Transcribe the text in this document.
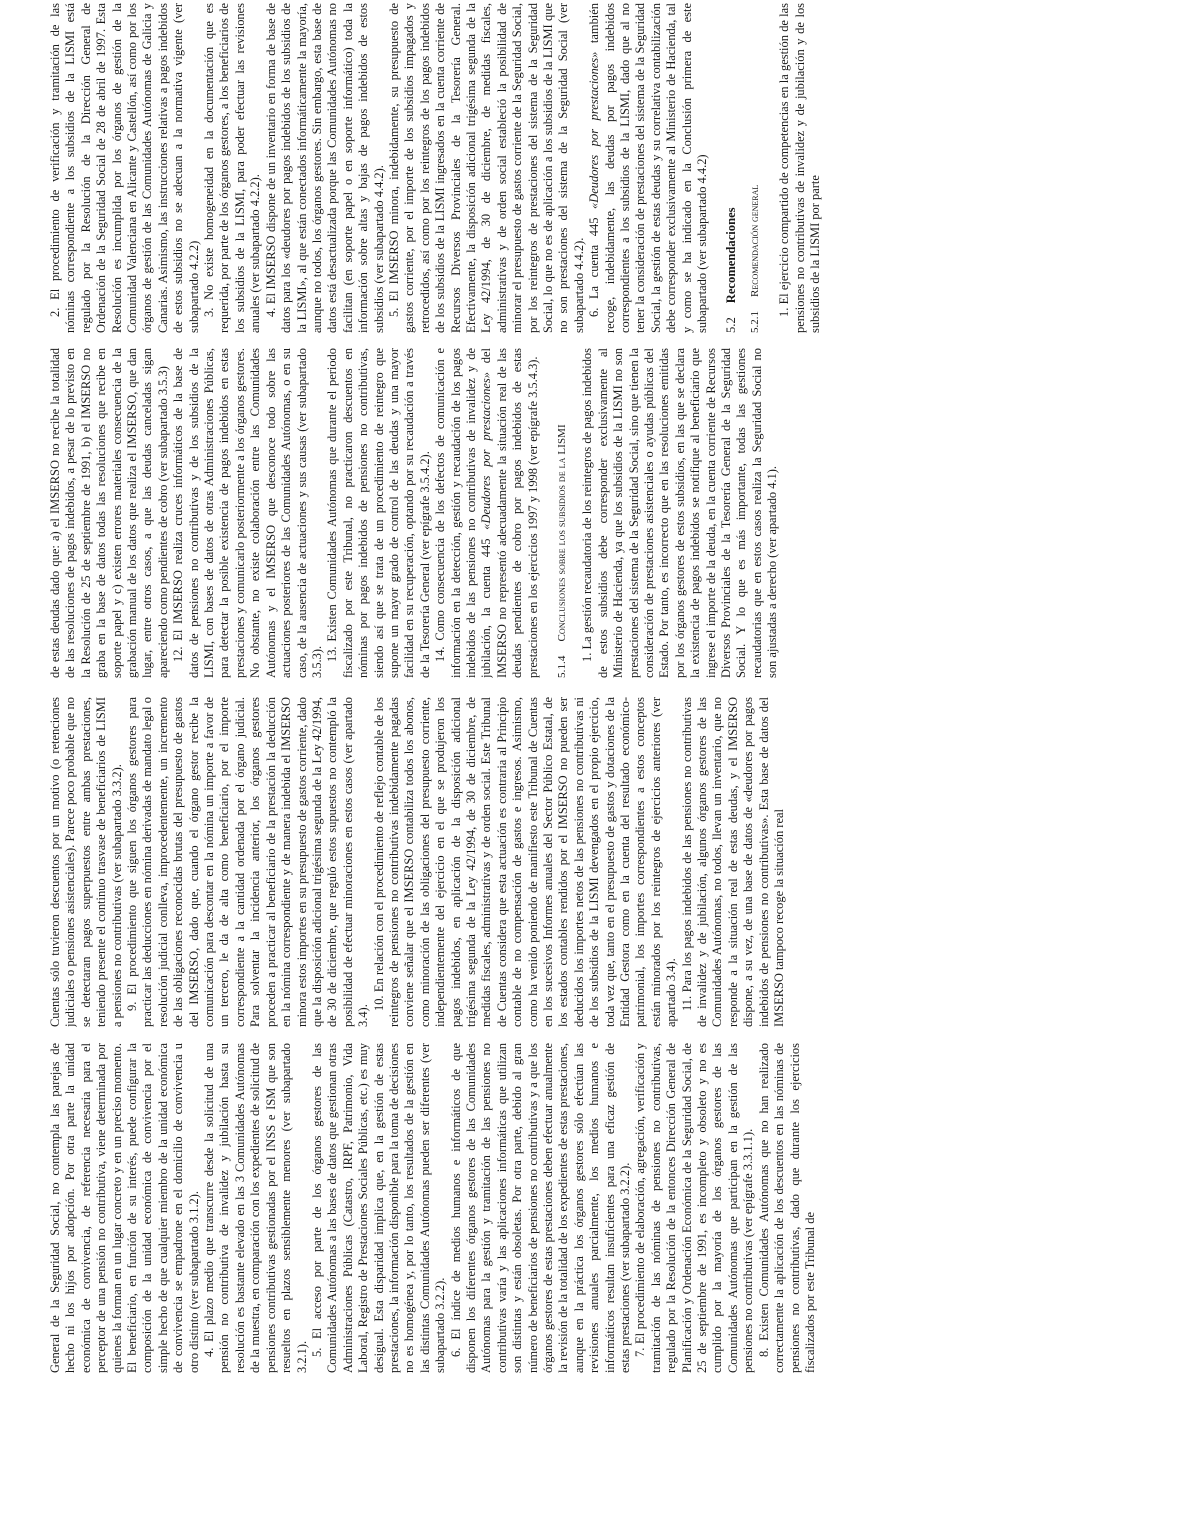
General de la Seguridad Social, no contempla las parejas de hecho ni los hijos por adopción. Por otra parte la unidad económica de convivencia, de referencia necesaria para el perceptor de una pensión no contributiva, viene determinada por quienes la forman en un lugar concreto y en un preciso momento. El beneficiario, en función de su interés, puede configurar la composición de la unidad económica de convivencia por el simple hecho de que cualquier miembro de la unidad económica de convivencia se empadrone en el domicilio de convivencia u otro distinto (ver subapartado 3.1.2). 4. El plazo medio que transcurre desde la solicitud de una pensión no contributiva de invalidez y jubilación hasta su resolución es bastante elevado en las 3 Comunidades Autónomas de la muestra, en comparación con los expedientes de solicitud de pensiones contributivas gestionadas por el INSS e ISM que son resueltos en plazos sensiblemente menores (ver subapartado 3.2.1). 5. El acceso por parte de los órganos gestores de las Comunidades Autónomas a las bases de datos que gestionan otras Administraciones Públicas (Catastro, IRPF, Patrimonio, Vida Laboral, Registro de Prestaciones Sociales Públicas, etc.) es muy desigual. Esta disparidad implica que, en la gestión de estas prestaciones, la información disponible para la toma de decisiones no es homogénea y, por lo tanto, los resultados de la gestión en las distintas Comunidades Autónomas pueden ser diferentes (ver subapartado 3.2.2). 6. El índice de medios humanos e informáticos de que disponen los diferentes órganos gestores de las Comunidades Autónomas para la gestión y tramitación de las pensiones no contributivas varía y las aplicaciones informáticas que utilizan son distintas y están obsoletas. Por otra parte, debido al gran número de beneficiarios de pensiones no contributivas y a que los órganos gestores de estas prestaciones deben efectuar anualmente la revisión de la totalidad de los expedientes de estas prestaciones, aunque en la práctica los órganos gestores sólo efectúan las revisiones anuales parcialmente, los medios humanos e informáticos resultan insuficientes para una eficaz gestión de estas prestaciones (ver subapartado 3.2.2). 7. El procedimiento de elaboración, agregación, verificación y tramitación de las nóminas de pensiones no contributivas, regulado por la Resolución de la entonces Dirección General de Planificación y Ordenación Económica de la Seguridad Social, de 25 de septiembre de 1991, es incompleto y obsoleto y no es cumplido por la mayoría de los órganos gestores de las Comunidades Autónomas que participan en la gestión de las pensiones no contributivas (ver epígrafe 3.3.1.1). 8. Existen Comunidades Autónomas que no han realizado correctamente la aplicación de los descuentos en las nóminas de pensiones no contributivas, dado que durante los ejercicios fiscalizados por este Tribunal de

Cuentas sólo tuvieron descuentos por un motivo (o retenciones judiciales o pensiones asistenciales). Parece poco probable que no se detectaran pagos superpuestos entre ambas prestaciones, teniendo presente el continuo trasvase de beneficiarios de LISMI a pensiones no contributivas (ver subapartado 3.3.2). 9. El procedimiento que siguen los órganos gestores para practicar las deducciones en nómina derivadas de mandato legal o resolución judicial conlleva, improcedentemente, un incremento de las obligaciones reconocidas brutas del presupuesto de gastos del IMSERSO, dado que, cuando el órgano gestor recibe la comunicación para descontar en la nómina un importe a favor de un tercero, le da de alta como beneficiario, por el importe correspondiente a la cantidad ordenada por el órgano judicial. Para solventar la incidencia anterior, los órganos gestores proceden a practicar al beneficiario de la prestación la deducción en la nómina correspondiente y de manera indebida el IMSERSO minora estos importes en su presupuesto de gastos corriente, dado que la disposición adicional trigésima segunda de la Ley 42/1994, de 30 de diciembre, que reguló estos supuestos no contempló la posibilidad de efectuar minoraciones en estos casos (ver apartado 3.4).

10. En relación con el procedimiento de reflejo contable de los reintegros de pensiones no contributivas indebidamente pagadas conviene señalar que el IMSERSO contabiliza todos los abonos, como minoración de las obligaciones del presupuesto corriente, independientemente del ejercicio en el que se produjeron los pagos indebidos, en aplicación de la disposición adicional trigésima segunda de la Ley 42/1994, de 30 de diciembre, de medidas fiscales, administrativas y de orden social. Este Tribunal de Cuentas considera que esta actuación es contraria al Principio contable de no compensación de gastos e ingresos. Asimismo, como ha venido poniendo de manifiesto este Tribunal de Cuentas en los sucesivos Informes anuales del Sector Público Estatal, de los estados contables rendidos por el IMSERSO no pueden ser deducidos los importes netos de las pensiones no contributivas ni de los subsidios de la LISMI devengados en el propio ejercicio, toda vez que, tanto en el presupuesto de gastos y dotaciones de la Entidad Gestora como en la cuenta del resultado económico-patrimonial, los importes correspondientes a estos conceptos están minorados por los reintegros de ejercicios anteriores (ver apartado 3.4). 11. Para los pagos indebidos de las pensiones no contributivas de invalidez y de jubilación, algunos órganos gestores de las Comunidades Autónomas, no todos, llevan un inventario, que no responde a la situación real de estas deudas, y el IMSERSO dispone, a su vez, de una base de datos de «deudores por pagos indebidos de pensiones no contributivas». Esta base de datos del IMSERSO tampoco recoge la situación real

de estas deudas dado que: a) el IMSERSO no recibe la totalidad de las resoluciones de pagos indebidos, a pesar de lo previsto en la Resolución de 25 de septiembre de 1991, b) el IMSERSO no graba en la base de datos todas las resoluciones que recibe en soporte papel y c) existen errores materiales consecuencia de la grabación manual de los datos que realiza el IMSERSO, que dan lugar, entre otros casos, a que las deudas canceladas sigan apareciendo como pendientes de cobro (ver subapartado 3.5.3) 12. El IMSERSO realiza cruces informáticos de la base de datos de pensiones no contributivas y de los subsidios de la LISMI, con bases de datos de otras Administraciones Públicas, para detectar la posible existencia de pagos indebidos en estas prestaciones y comunicarlo posteriormente a los órganos gestores. No obstante, no existe colaboración entre las Comunidades Autónomas y el IMSERSO que desconoce todo sobre las actuaciones posteriores de las Comunidades Autónomas, o en su caso, de la ausencia de actuaciones y sus causas (ver subapartado 3.5.3). 13. Existen Comunidades Autónomas que durante el periodo fiscalizado por este Tribunal, no practicaron descuentos en nóminas por pagos indebidos de pensiones no contributivas, siendo así que se trata de un procedimiento de reintegro que supone un mayor grado de control de las deudas y una mayor facilidad en su recuperación, optando por su recaudación a través de la Tesorería General (ver epígrafe 3.5.4.2). 14. Como consecuencia de los defectos de comunicación e información en la detección, gestión y recaudación de los pagos indebidos de las pensiones no contributivas de invalidez y de jubilación, la cuenta 445 «Deudores por prestaciones» del IMSERSO no representó adecuadamente la situación real de las deudas pendientes de cobro por pagos indebidos de estas prestaciones en los ejercicios 1997 y 1998 (ver epígrafe 3.5.4.3). 5.1.4Conclusiones sobre los subsidios de la LISMI 1. La gestión recaudatoria de los reintegros de pagos indebidos de estos subsidios debe corresponder exclusivamente al Ministerio de Hacienda, ya que los subsidios de la LISMI no son prestaciones del sistema de la Seguridad Social, sino que tienen la consideración de prestaciones asistenciales o ayudas públicas del Estado. Por tanto, es incorrecto que en las resoluciones emitidas por los órganos gestores de estos subsidios, en las que se declara la existencia de pagos indebidos se notifique al beneficiario que ingrese el importe de la deuda, en la cuenta corriente de Recursos Diversos Provinciales de la Tesorería General de la Seguridad Social. Y lo que es más importante, todas las gestiones recaudatorias que en estos casos realiza la Seguridad Social no son ajustadas a derecho (ver apartado 4.1).

2. El procedimiento de verificación y tramitación de las nóminas correspondiente a los subsidios de la LISMI está regulado por la Resolución de la Dirección General de Ordenación de la Seguridad Social de 28 de abril de 1997. Esta Resolución es incumplida por los órganos de gestión de la Comunidad Valenciana en Alicante y Castellón, así como por los órganos de gestión de las Comunidades Autónomas de Galicia y Canarias. Asimismo, las instrucciones relativas a pagos indebidos de estos subsidios no se adecuan a la normativa vigente (ver subapartado 4.2.2) 3. No existe homogeneidad en la documentación que es requerida, por parte de los órganos gestores, a los beneficiarios de los subsidios de la LISMI, para poder efectuar las revisiones anuales (ver subapartado 4.2.2). 4. El IMSERSO dispone de un inventario en forma de base de datos para los «deudores por pagos indebidos de los subsidios de la LISMI», al que están conectados informáticamente la mayoría, aunque no todos, los órganos gestores. Sin embargo, esta base de datos está desactualizada porque las Comunidades Autónomas no facilitan (en soporte papel o en soporte informático) toda la información sobre altas y bajas de pagos indebidos de estos subsidios (ver subapartado 4.4.2). 5. El IMSERSO minora, indebidamente, su presupuesto de gastos corriente, por el importe de los subsidios impagados y retrocedidos, así como por los reintegros de los pagos indebidos de los subsidios de la LISMI ingresados en la cuenta corriente de Recursos Diversos Provinciales de la Tesorería General. Efectivamente, la disposición adicional trigésima segunda de la Ley 42/1994, de 30 de diciembre, de medidas fiscales, administrativas y de orden social estableció la posibilidad de minorar el presupuesto de gastos corriente de la Seguridad Social, por los reintegros de prestaciones del sistema de la Seguridad Social, lo que no es de aplicación a los subsidios de la LISMI que no son prestaciones del sistema de la Seguridad Social (ver subapartado 4.4.2). 6. La cuenta 445 «Deudores por prestaciones» también recoge, indebidamente, las deudas por pagos indebidos correspondientes a los subsidios de la LISMI, dado que al no tener la consideración de prestaciones del sistema de la Seguridad Social, la gestión de estas deudas y su correlativa contabilización debe corresponder exclusivamente al Ministerio de Hacienda, tal y como se ha indicado en la Conclusión primera de este subapartado (ver subapartado 4.4.2) 5.2Recomendaciones
5.2.1Recomendación general 1. El ejercicio compartido de competencias en la gestión de las pensiones no contributivas de invalidez y de jubilación y de los subsidios de la LISMI por parte
